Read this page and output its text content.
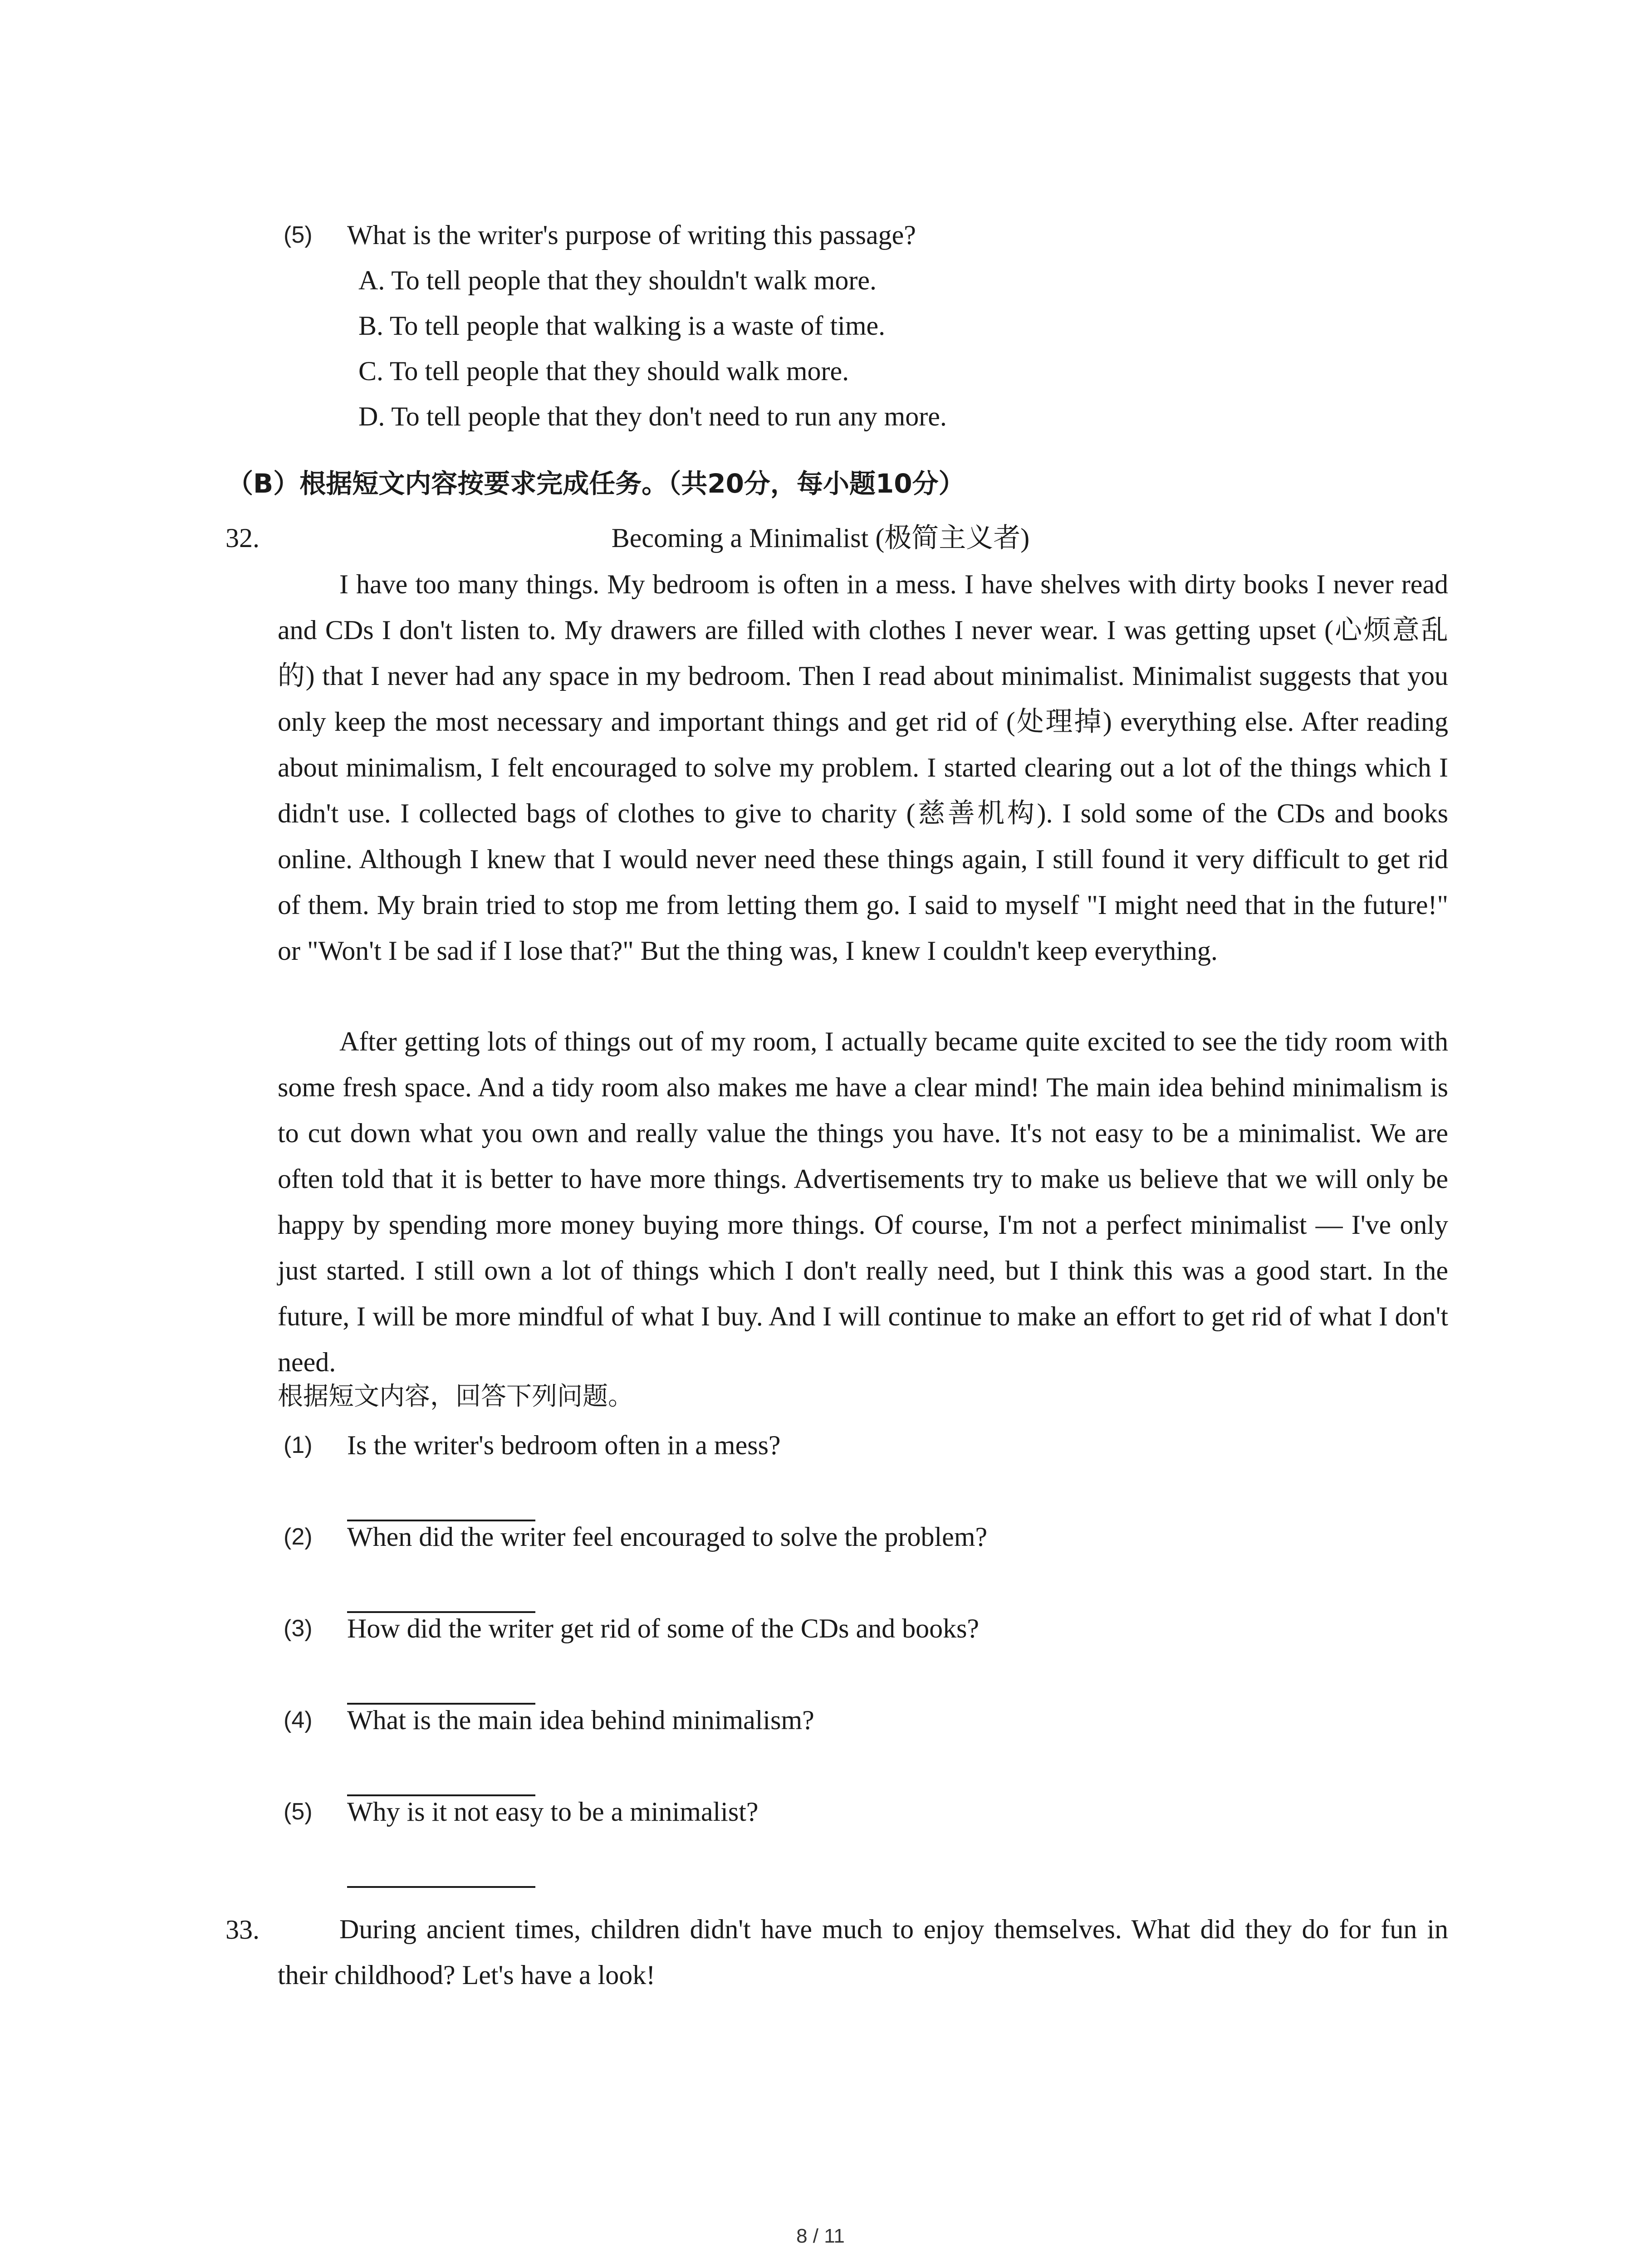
(5) What is the writer's purpose of writing this passage?
A. To tell people that they shouldn't walk more.
B. To tell people that walking is a waste of time.
C. To tell people that they should walk more.
D. To tell people that they don't need to run any more.
（B）根据短文内容按要求完成任务。（共20分，每小题10分）
32.	Becoming a Minimalist (极简主义者)
I have too many things. My bedroom is often in a mess. I have shelves with dirty books I never read and CDs I don't listen to. My drawers are filled with clothes I never wear. I was getting upset (心烦意乱的) that I never had any space in my bedroom. Then I read about minimalist. Minimalist suggests that you only keep the most necessary and important things and get rid of (处理掉) everything else. After reading about minimalism, I felt encouraged to solve my problem. I started clearing out a lot of the things which I didn't use. I collected bags of clothes to give to charity (慈善机构). I sold some of the CDs and books online. Although I knew that I would never need these things again, I still found it very difficult to get rid of them. My brain tried to stop me from letting them go. I said to myself "I might need that in the future!" or "Won't I be sad if I lose that?" But the thing was, I knew I couldn't keep everything.
After getting lots of things out of my room, I actually became quite excited to see the tidy room with some fresh space. And a tidy room also makes me have a clear mind! The main idea behind minimalism is to cut down what you own and really value the things you have. It's not easy to be a minimalist. We are often told that it is better to have more things. Advertisements try to make us believe that we will only be happy by spending more money buying more things. Of course, I'm not a perfect minimalist — I've only just started. I still own a lot of things which I don't really need, but I think this was a good start. In the future, I will be more mindful of what I buy. And I will continue to make an effort to get rid of what I don't need.
根据短文内容，回答下列问题。
(1) Is the writer's bedroom often in a mess?
(2) When did the writer feel encouraged to solve the problem?
(3) How did the writer get rid of some of the CDs and books?
(4) What is the main idea behind minimalism?
(5) Why is it not easy to be a minimalist?
33.	During ancient times, children didn't have much to enjoy themselves. What did they do for fun in their childhood? Let's have a look!
8 / 11
